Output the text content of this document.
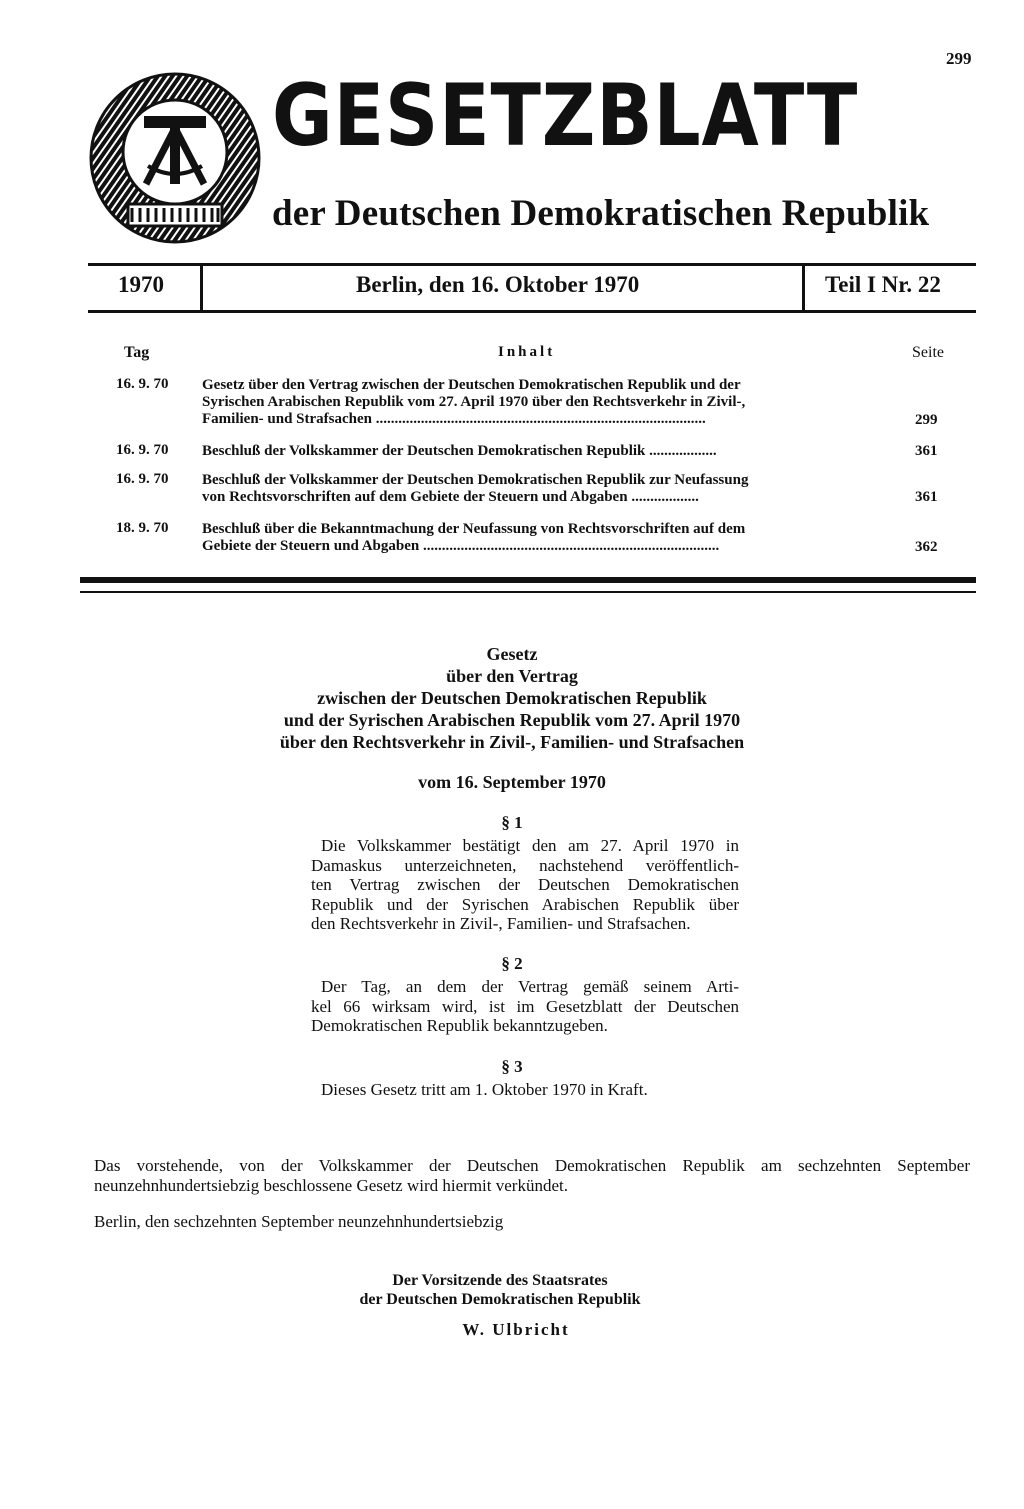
299
GESETZBLATT
der Deutschen Demokratischen Republik
1970	Berlin, den 16. Oktober 1970	Teil I Nr. 22
Tag	Inhalt	Seite
16. 9. 70 Gesetz über den Vertrag zwischen der Deutschen Demokratischen Republik und der
Syrischen Arabischen Republik vom 27. April 1970 über den Rechtsverkehr in Zivil-,
Familien- und Strafsachen ........................................................................................	299
16. 9. 70 Beschluß der Volkskammer der Deutschen Demokratischen Republik ..................	361
16. 9. 70 Beschluß der Volkskammer der Deutschen Demokratischen Republik zur Neufassung
von Rechtsvorschriften auf dem Gebiete der Steuern und Abgaben ..................	361
18. 9. 70 Beschluß über die Bekanntmachung der Neufassung von Rechtsvorschriften auf dem
Gebiete der Steuern und Abgaben ...............................................................................	362
Gesetz
über den Vertrag
zwischen der Deutschen Demokratischen Republik
und der Syrischen Arabischen Republik vom 27. April 1970
über den Rechtsverkehr in Zivil-, Familien- und Strafsachen
vom 16. September 1970
§ 1
Die Volkskammer bestätigt den am 27. April 1970 in
Damaskus unterzeichneten, nachstehend veröffentlich-
ten Vertrag zwischen der Deutschen Demokratischen
Republik und der Syrischen Arabischen Republik über
den Rechtsverkehr in Zivil-, Familien- und Strafsachen.
§ 2
Der Tag, an dem der Vertrag gemäß seinem Arti-
kel 66 wirksam wird, ist im Gesetzblatt der Deutschen
Demokratischen Republik bekanntzugeben.
§ 3
Dieses Gesetz tritt am 1. Oktober 1970 in Kraft.
Das vorstehende, von der Volkskammer der Deutschen Demokratischen Republik am sechzehnten September
neunzehnhundertsiebzig beschlossene Gesetz wird hiermit verkündet.
Berlin, den sechzehnten September neunzehnhundertsiebzig
Der Vorsitzende des Staatsrates
der Deutschen Demokratischen Republik
W. Ulbricht
